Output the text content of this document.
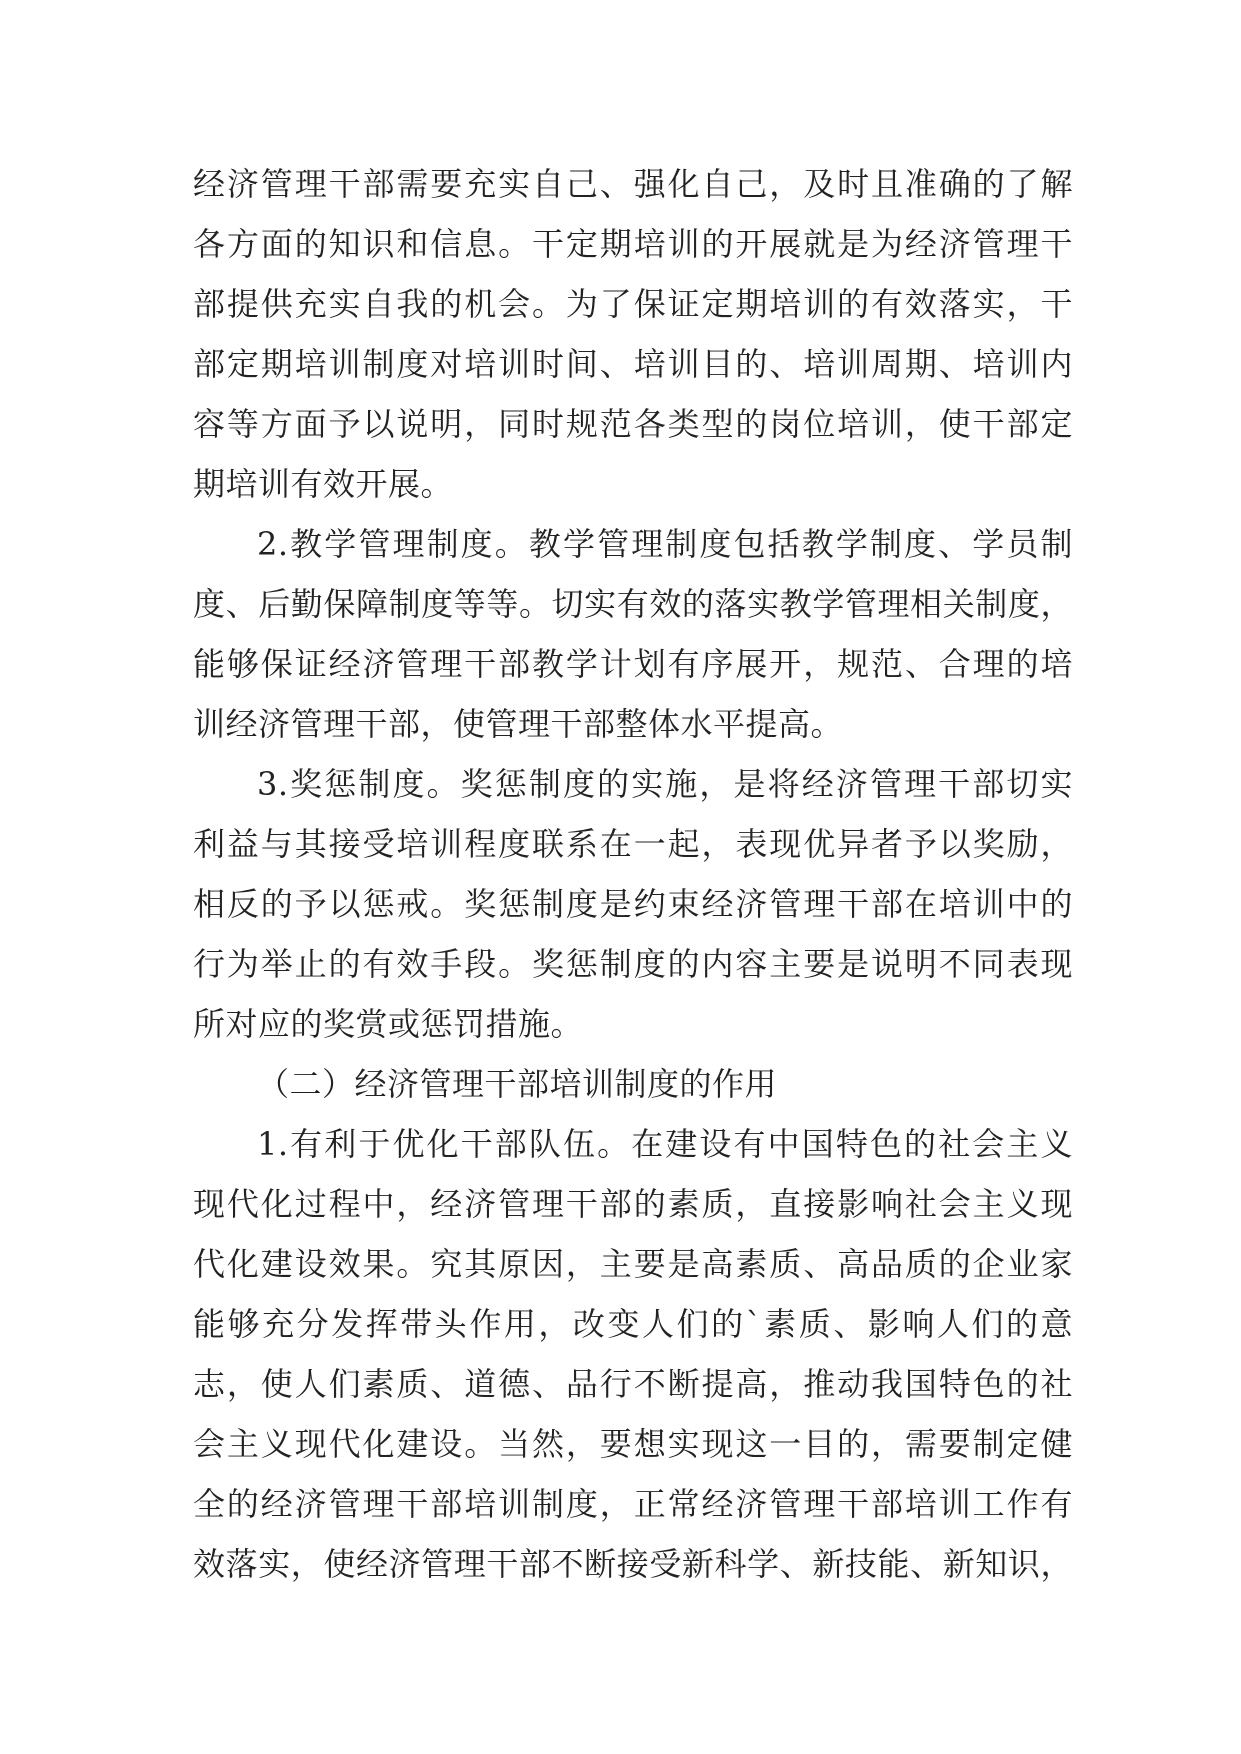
经济管理干部需要充实自己、强化自己，及时且准确的了解
各方面的知识和信息。干定期培训的开展就是为经济管理干
部提供充实自我的机会。为了保证定期培训的有效落实，干
部定期培训制度对培训时间、培训目的、培训周期、培训内
容等方面予以说明，同时规范各类型的岗位培训，使干部定
期培训有效开展。
2.教学管理制度。教学管理制度包括教学制度、学员制
度、后勤保障制度等等。切实有效的落实教学管理相关制度，
能够保证经济管理干部教学计划有序展开，规范、合理的培
训经济管理干部，使管理干部整体水平提高。
3.奖惩制度。奖惩制度的实施，是将经济管理干部切实
利益与其接受培训程度联系在一起，表现优异者予以奖励，
相反的予以惩戒。奖惩制度是约束经济管理干部在培训中的
行为举止的有效手段。奖惩制度的内容主要是说明不同表现
所对应的奖赏或惩罚措施。
（二）经济管理干部培训制度的作用
1.有利于优化干部队伍。在建设有中国特色的社会主义
现代化过程中，经济管理干部的素质，直接影响社会主义现
代化建设效果。究其原因，主要是高素质、高品质的企业家
能够充分发挥带头作用，改变人们的`素质、影响人们的意
志，使人们素质、道德、品行不断提高，推动我国特色的社
会主义现代化建设。当然，要想实现这一目的，需要制定健
全的经济管理干部培训制度，正常经济管理干部培训工作有
效落实，使经济管理干部不断接受新科学、新技能、新知识，
